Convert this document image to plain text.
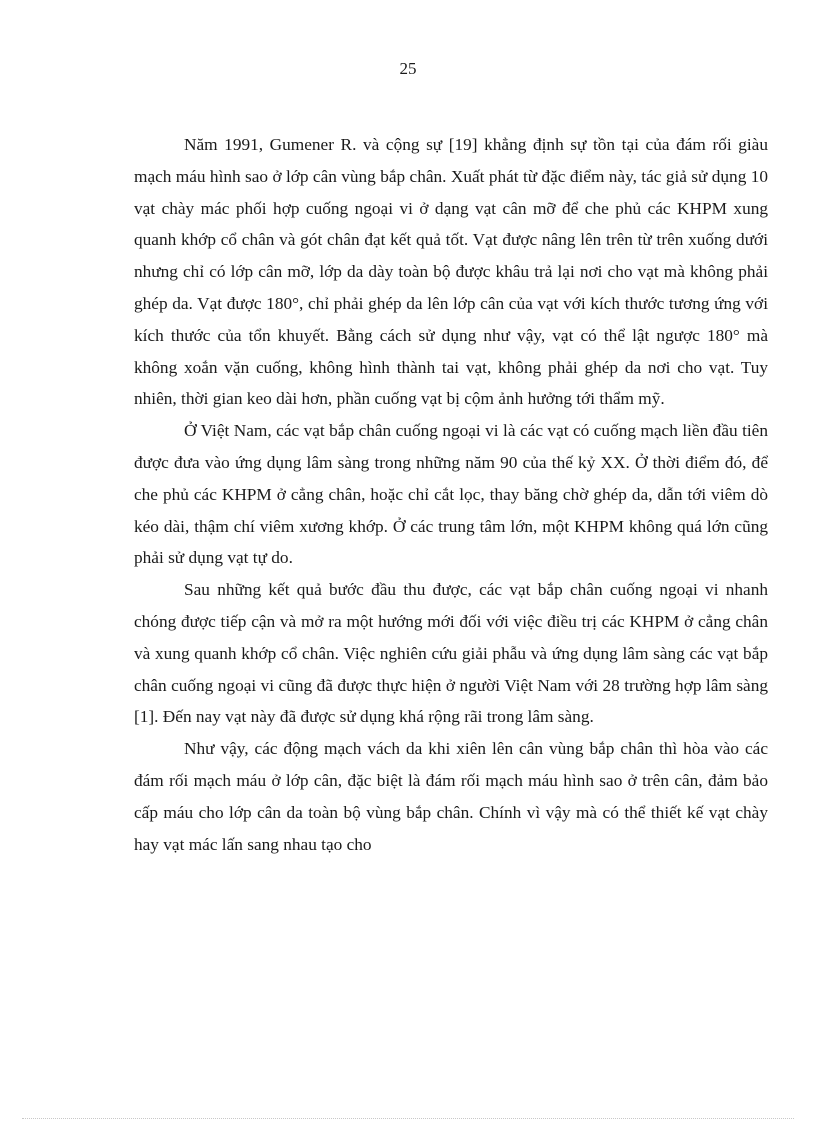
25

Năm 1991, Gumener R. và cộng sự [19] khẳng định sự tồn tại của đám rối giàu mạch máu hình sao ở lớp cân vùng bắp chân. Xuất phát từ đặc điểm này, tác giả sử dụng 10 vạt chày mác phối hợp cuống ngoại vi ở dạng vạt cân mỡ để che phủ các KHPM xung quanh khớp cổ chân và gót chân đạt kết quả tốt. Vạt được nâng lên trên từ trên xuống dưới nhưng chỉ có lớp cân mỡ, lớp da dày toàn bộ được khâu trả lại nơi cho vạt mà không phải ghép da. Vạt được 180°, chỉ phải ghép da lên lớp cân của vạt với kích thước tương ứng với kích thước của tổn khuyết. Bằng cách sử dụng như vậy, vạt có thể lật ngược 180° mà không xoắn vặn cuống, không hình thành tai vạt, không phải ghép da nơi cho vạt. Tuy nhiên, thời gian keo dài hơn, phần cuống vạt bị cộm ảnh hưởng tới thẩm mỹ.

Ở Việt Nam, các vạt bắp chân cuống ngoại vi là các vạt có cuống mạch liền đầu tiên được đưa vào ứng dụng lâm sàng trong những năm 90 của thế kỷ XX. Ở thời điểm đó, để che phủ các KHPM ở cẳng chân, hoặc chỉ cắt lọc, thay băng chờ ghép da, dẫn tới viêm dò kéo dài, thậm chí viêm xương khớp. Ở các trung tâm lớn, một KHPM không quá lớn cũng phải sử dụng vạt tự do.

Sau những kết quả bước đầu thu được, các vạt bắp chân cuống ngoại vi nhanh chóng được tiếp cận và mở ra một hướng mới đối với việc điều trị các KHPM ở cẳng chân và xung quanh khớp cổ chân. Việc nghiên cứu giải phẫu và ứng dụng lâm sàng các vạt bắp chân cuống ngoại vi cũng đã được thực hiện ở người Việt Nam với 28 trường hợp lâm sàng [1]. Đến nay vạt này đã được sử dụng khá rộng rãi trong lâm sàng.

Như vậy, các động mạch vách da khi xiên lên cân vùng bắp chân thì hòa vào các đám rối mạch máu ở lớp cân, đặc biệt là đám rối mạch máu hình sao ở trên cân, đảm bảo cấp máu cho lớp cân da toàn bộ vùng bắp chân. Chính vì vậy mà có thể thiết kế vạt chày hay vạt mác lấn sang nhau tạo cho
